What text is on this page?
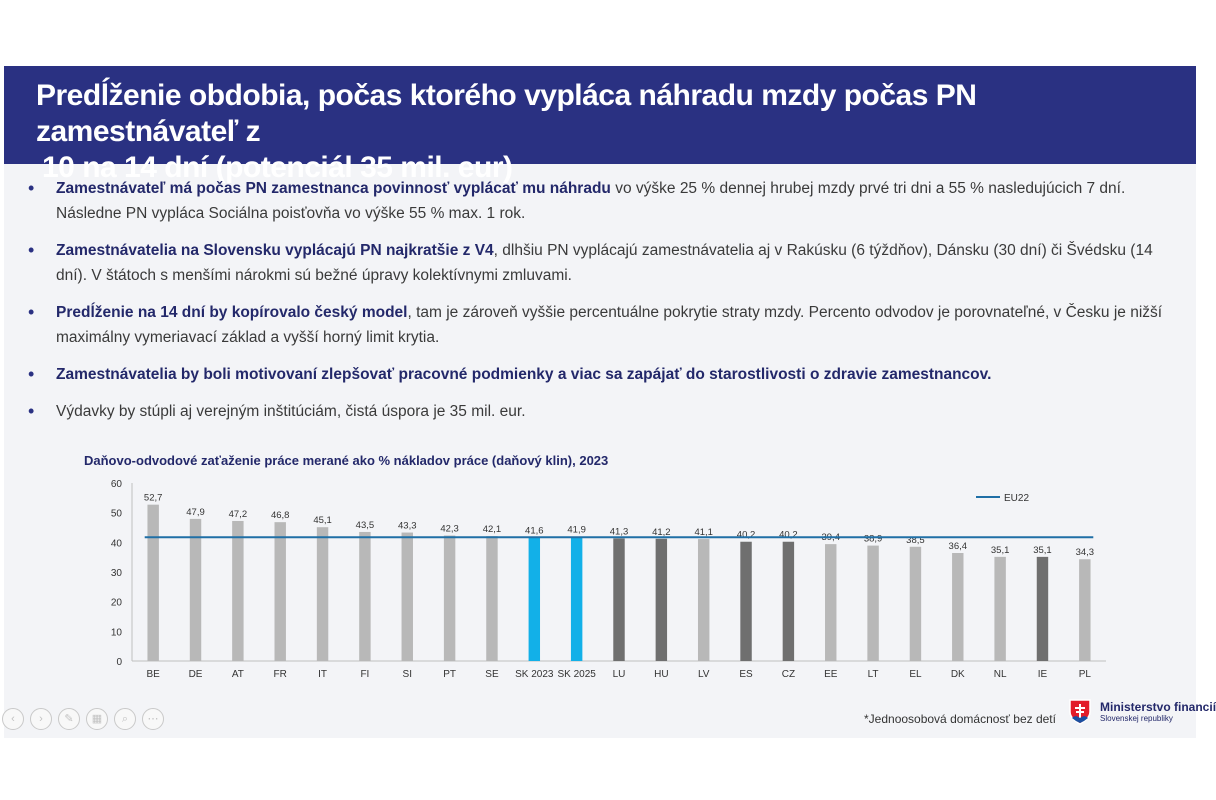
Predĺženie obdobia, počas ktorého vypláca náhradu mzdy počas PN zamestnávateľ z
10 na 14 dní (potenciál 35 mil. eur)
• Zamestnávateľ má počas PN zamestnanca povinnosť vyplácať mu náhradu vo výške 25 % dennej hrubej mzdy prvé tri dni a 55 % nasledujúcich 7 dní. Následne PN vypláca Sociálna poisťovňa vo výške 55 % max. 1 rok.
• Zamestnávatelia na Slovensku vyplácajú PN najkratšie z V4, dlhšiu PN vyplácajú zamestnávatelia aj v Rakúsku (6 týždňov), Dánsku (30 dní) či Švédsku (14 dní). V štátoch s menšími nárokmi sú bežné úpravy kolektívnymi zmluvami.
• Predĺženie na 14 dní by kopírovalo český model, tam je zároveň vyššie percentuálne pokrytie straty mzdy. Percento odvodov je porovnateľné, v Česku je nižší maximálny vymeriavací základ a vyšší horný limit krytia.
• Zamestnávatelia by boli motivovaní zlepšovať pracovné podmienky a viac sa zapájať do starostlivosti o zdravie zamestnancov.
• Výdavky by stúpli aj verejným inštitúciám, čistá úspora je 35 mil. eur.
Daňovo-odvodové zaťaženie práce merané ako % nákladov práce (daňový klin), 2023
0
10
20
30
40
50
60
52,7
BE
47,9
DE
47,2
AT
46,8
FR
45,1
IT
43,5
FI
43,3
SI
42,3
PT
42,1
SE
41,6
SK 2023
41,9
SK 2025
41,3
LU
41,2
HU
41,1
LV
40,2
ES
40,2
CZ
39,4
EE
38,9
LT
38,5
EL
36,4
DK
35,1
NL
35,1
IE
34,3
PL
EU22
*Jednoosobová domácnosť bez detí
Ministerstvo financií
Slovenskej republiky
‹	›	✎	▦	⌕	⋯
